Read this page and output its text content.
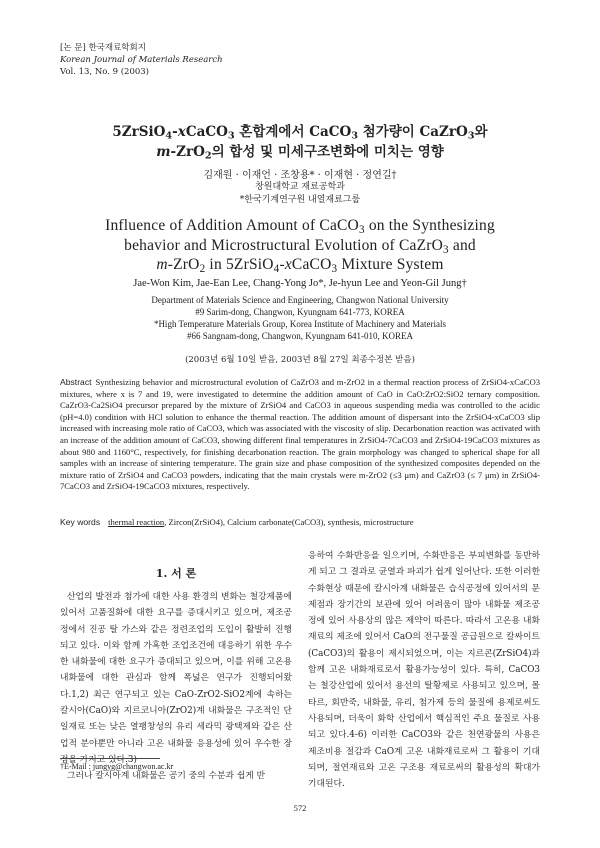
[논 문] 한국재료학회지
Korean Journal of Materials Research
Vol. 13, No. 9 (2003)
5ZrSiO$_4$-xCaCO$_3$ 혼합계에서 CaCO$_3$ 첨가량이 CaZrO$_3$와
m-ZrO$_2$의 합성 및 미세구조변화에 미치는 영향
김재원 · 이재언 · 조창용* · 이재현 · 정연길†
창원대학교 재료공학과
*한국기계연구원 내열재료그룹
Influence of Addition Amount of CaCO$_3$ on the Synthesizing
behavior and Microstructural Evolution of CaZrO$_3$ and
m-ZrO$_2$ in 5ZrSiO$_4$-xCaCO$_3$ Mixture System
Jae-Won Kim, Jae-Ean Lee, Chang-Yong Jo*, Je-hyun Lee and Yeon-Gil Jung†
Department of Materials Science and Engineering, Changwon National University
#9 Sarim-dong, Changwon, Kyungnam 641-773, KOREA
*High Temperature Materials Group, Korea Institute of Machinery and Materials
#66 Sangnam-dong, Changwon, Kyungnam 641-010, KOREA
(2003년 6월 10일 받음, 2003년 8월 27일 최종수정본 받음)
Abstract Synthesizing behavior and microstructural evolution of CaZrO3 and m-ZrO2 in a thermal reaction process of ZrSiO4-xCaCO3 mixtures, where x is 7 and 19, were investigated to determine the addition amount of CaO in CaO:ZrO2:SiO2 ternary composition. CaZrO3-Ca2SiO4 precursor prepared by the mixture of ZrSiO4 and CaCO3 in aqueous suspending media was controlled to the acidic (pH=4.0) condition with HCl solution to enhance the thermal reaction. The addition amount of dispersant into the ZrSiO4-xCaCO3 slip increased with increasing mole ratio of CaCO3, which was associated with the viscosity of slip. Decarbonation reaction was activated with an increase of the addition amount of CaCO3, showing different final temperatures in ZrSiO4-7CaCO3 and ZrSiO4-19CaCO3 mixtures as about 980 and 1160°C, respectively, for finishing decarbonation reaction. The grain morphology was changed to spherical shape for all samples with an increase of sintering temperature. The grain size and phase composition of the synthesized composites depended on the mixture ratio of ZrSiO4 and CaCO3 powders, indicating that the main crystals were m-ZrO2 (≤3 μm) and CaZrO3 (≤ 7 μm) in ZrSiO4-7CaCO3 and ZrSiO4-19CaCO3 mixtures, respectively.
Key words thermal reaction, Zircon(ZrSiO4), Calcium carbonate(CaCO3), synthesis, microstructure
1. 서 론

산업의 발전과 첨가에 대한 사용 환경의 변화는 철강제품에 있어서 고품질화에 대한 요구를 증대시키고 있으며, 제조공정에서 진공 탈 가스와 같은 정련조업의 도입이 활발히 진행되고 있다. 이와 함께 가혹한 조업조건에 대응하기 위한 우수한 내화물에 대한 요구가 증대되고 있으며, 이를 위해 고온용 내화물에 대한 관심과 함께 폭넓은 연구가 진행되어왔다.1,2) 최근 연구되고 있는 CaO-ZrO2-SiO2계에 속하는 칼시아(CaO)와 지르코니아(ZrO2)계 내화물은 구조적인 단일재료 또는 낮은 열팽창성의 유리 세라믹 광택제와 같은 산업적 분야뿐만 아니라 고온 내화물 응용성에 있어 우수한 장점을 가지고 있다.3)

그러나 칼시아계 내화물은 공기 중의 수분과 쉽게 반

응하여 수화반응을 일으키며, 수화반응은 부피변화를 동반하게 되고 그 결과로 균열과 파괴가 쉽게 일어난다. 또한 이러한 수화현상 때문에 칼시아계 내화물은 습식공정에 있어서의 문제점과 장기간의 보관에 있어 어려움이 많아 내화물 제조공정에 있어 사용상의 많은 제약이 따른다. 따라서 고온용 내화재료의 제조에 있어서 CaO의 전구물질 공급원으로 칼싸이트 (CaCO3)의 활용이 제시되었으며, 이는 지르콘(ZrSiO4)과 함께 고온 내화재료로서 활용가능성이 있다. 특히, CaCO3는 철강산업에 있어서 용선의 탈황제로 사용되고 있으며, 몰타르, 회반죽, 내화물, 유리, 첨가제 등의 물질에 용제로써도 사용되며, 더욱이 화학 산업에서 핵심적인 주요 물질로 사용되고 있다.4-6) 이러한 CaCO3와 같은 천연광물의 사용은 제조비용 절감과 CaO계 고온 내화재료로써 그 활용이 기대되며, 절연재료와 고온 구조용 재료로써의 활용성의 확대가 기대된다.

†E-Mail : jungyg@changwon.ac.kr
572
